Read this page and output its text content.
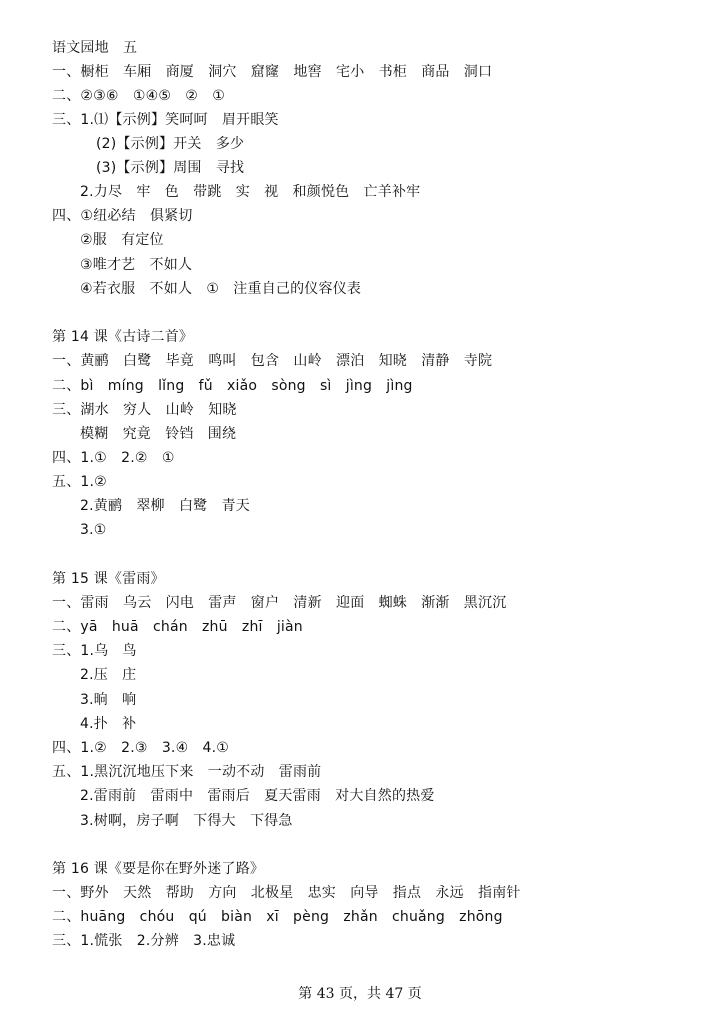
语文园地　五
一、橱柜　车厢　商厦　洞穴　窟窿　地窖　宅小　书柜　商品　洞口
二、②③⑥　①④⑤　②　①
三、1.⑴【示例】笑呵呵　眉开眼笑
(2)【示例】开关　多少
(3)【示例】周围　寻找
2.力尽　牢　色　带跳　实　视　和颜悦色　亡羊补牢
四、①纽必结　俱紧切
②服　有定位
③唯才艺　不如人
④若衣服　不如人　①　注重自己的仪容仪表
第 14 课《古诗二首》
一、黄鹂　白鹭　毕竟　鸣叫　包含　山岭　漂泊　知晓　清静　寺院
二、bì　míng　lǐng　fǔ　xiǎo　sòng　sì　jìng　jìng
三、湖水　穷人　山岭　知晓
模糊　究竟　铃铛　围绕
四、1.①　2.②　①
五、1.②
2.黄鹂　翠柳　白鹭　青天
3.①
第 15 课《雷雨》
一、雷雨　乌云　闪电　雷声　窗户　清新　迎面　蜘蛛　渐渐　黑沉沉
二、yā　huā　chán　zhū　zhī　jiàn
三、1.乌　鸟
2.压　庄
3.晌　响
4.扑　补
四、1.②　2.③　3.④　4.①
五、1.黑沉沉地压下来　一动不动　雷雨前
2.雷雨前　雷雨中　雷雨后　夏天雷雨　对大自然的热爱
3.树啊，房子啊　下得大　下得急
第 16 课《要是你在野外迷了路》
一、野外　天然　帮助　方向　北极星　忠实　向导　指点　永远　指南针
二、huāng　chóu　qú　biàn　xī　pèng　zhǎn　chuǎng　zhōng
三、1.慌张　2.分辨　3.忠诚
第 43 页，共 47 页
